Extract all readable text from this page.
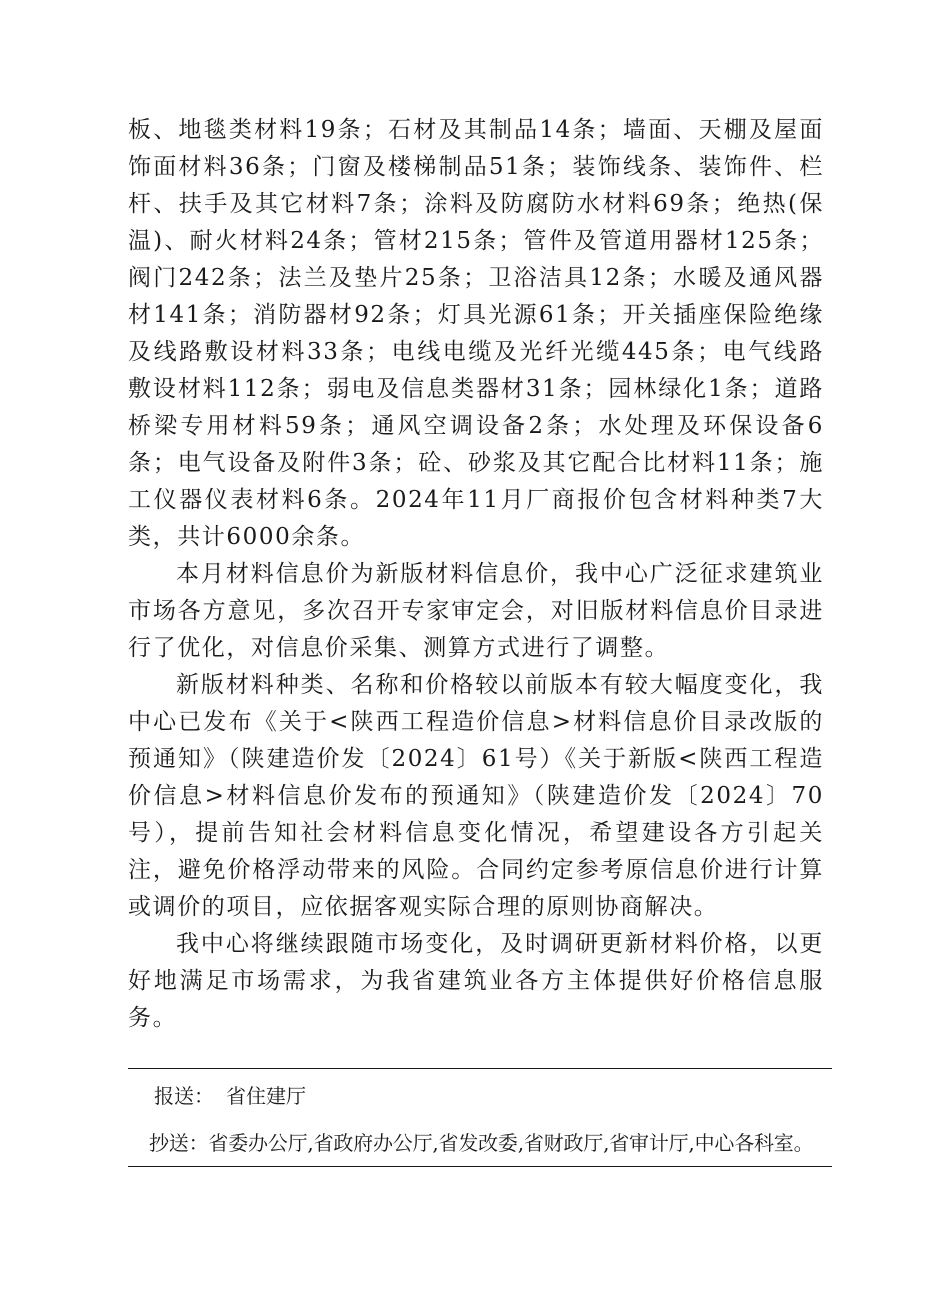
板、地毯类材料19条；石材及其制品14条；墙面、天棚及屋面饰面材料36条；门窗及楼梯制品51条；装饰线条、装饰件、栏杆、扶手及其它材料7条；涂料及防腐防水材料69条；绝热(保温)、耐火材料24条；管材215条；管件及管道用器材125条；阀门242条；法兰及垫片25条；卫浴洁具12条；水暖及通风器材141条；消防器材92条；灯具光源61条；开关插座保险绝缘及线路敷设材料33条；电线电缆及光纤光缆445条；电气线路敷设材料112条；弱电及信息类器材31条；园林绿化1条；道路桥梁专用材料59条；通风空调设备2条；水处理及环保设备6条；电气设备及附件3条；砼、砂浆及其它配合比材料11条；施工仪器仪表材料6条。2024年11月厂商报价包含材料种类7大类，共计6000余条。

本月材料信息价为新版材料信息价，我中心广泛征求建筑业市场各方意见，多次召开专家审定会，对旧版材料信息价目录进行了优化，对信息价采集、测算方式进行了调整。

新版材料种类、名称和价格较以前版本有较大幅度变化，我中心已发布《关于<陕西工程造价信息>材料信息价目录改版的预通知》（陕建造价发〔2024〕61号）《关于新版<陕西工程造价信息>材料信息价发布的预通知》（陕建造价发〔2024〕70号），提前告知社会材料信息变化情况，希望建设各方引起关注，避免价格浮动带来的风险。合同约定参考原信息价进行计算或调价的项目，应依据客观实际合理的原则协商解决。

我中心将继续跟随市场变化，及时调研更新材料价格，以更好地满足市场需求，为我省建筑业各方主体提供好价格信息服务。

报送： 省住建厅
抄送：省委办公厅,省政府办公厅,省发改委,省财政厅,省审计厅,中心各科室。
